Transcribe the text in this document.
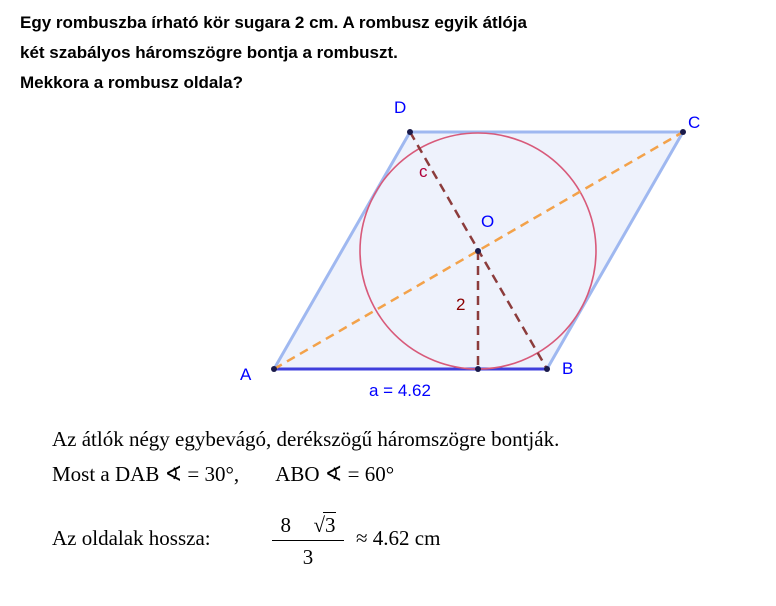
Egy rombuszba írható kör sugara 2 cm. A rombusz egyik átlója
két szabályos háromszögre bontja a rombuszt.
Mekkora a rombusz oldala?
A	B
C
D
O
a = 4.62
2
c
Az átlók négy egybevágó, derékszögű háromszögre bontják.
Most a DAB ∢ = 30°, ABO ∢ = 60°
Az oldalak hossza:
8 √3
3
≈ 4.62 cm
